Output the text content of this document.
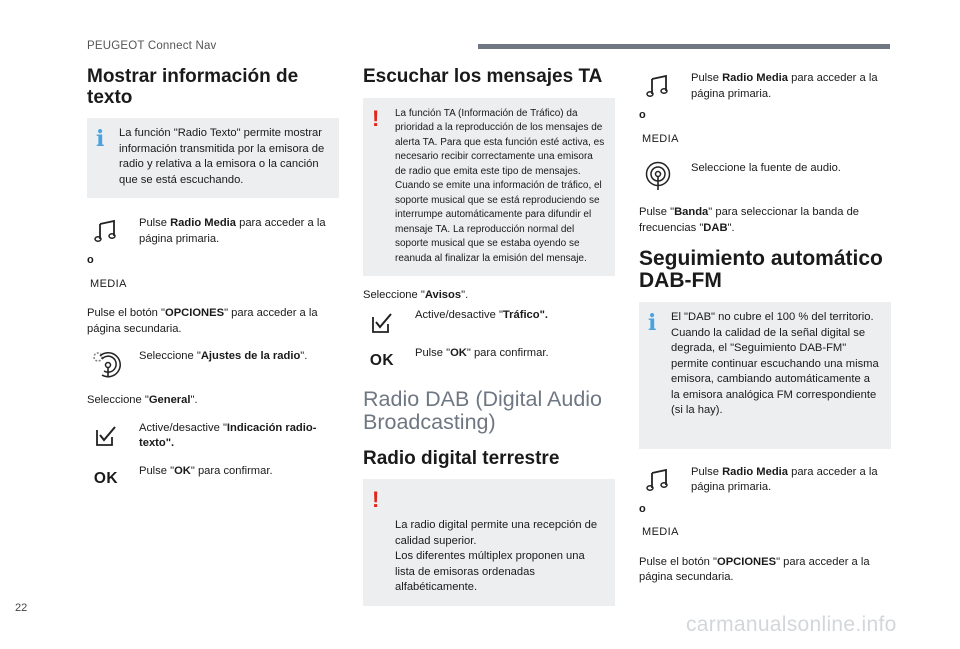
PEUGEOT Connect Nav
Mostrar información de texto
i	La función "Radio Texto" permite mostrar información transmitida por la emisora de radio y relativa a la emisora o la canción que se está escuchando.
Pulse Radio Media para acceder a la página primaria.
o
MEDIA

Pulse el botón "OPCIONES" para acceder a la página secundaria.

Seleccione "Ajustes de la radio".

Seleccione "General".

Active/desactive "Indicación radio-texto".
OK	Pulse "OK" para confirmar.
Escuchar los mensajes TA
!	La función TA (Información de Tráfico) da prioridad a la reproducción de los mensajes de alerta TA. Para que esta función esté activa, es necesario recibir correctamente una emisora de radio que emita este tipo de mensajes. Cuando se emite una información de tráfico, el soporte musical que se está reproduciendo se interrumpe automáticamente para difundir el mensaje TA. La reproducción normal del soporte musical que se estaba oyendo se reanuda al finalizar la emisión del mensaje.

Seleccione "Avisos".

Active/desactive "Tráfico".
OK	Pulse "OK" para confirmar.
Radio DAB (Digital Audio Broadcasting)
Radio digital terrestre

!

La radio digital permite una recepción de calidad superior.
Los diferentes múltiplex proponen una lista de emisoras ordenadas alfabéticamente.

Pulse Radio Media para acceder a la página primaria.
o
MEDIA
Seleccione la fuente de audio.

Pulse "Banda" para seleccionar la banda de frecuencias "DAB".

Seguimiento automático DAB-FM
i	El "DAB" no cubre el 100 % del territorio. Cuando la calidad de la señal digital se degrada, el "Seguimiento DAB-FM" permite continuar escuchando una misma emisora, cambiando automáticamente a la emisora analógica FM correspondiente (si la hay).
Pulse Radio Media para acceder a la página primaria.
o
MEDIA

Pulse el botón "OPCIONES" para acceder a la página secundaria.

22
carmanualsonline.info
